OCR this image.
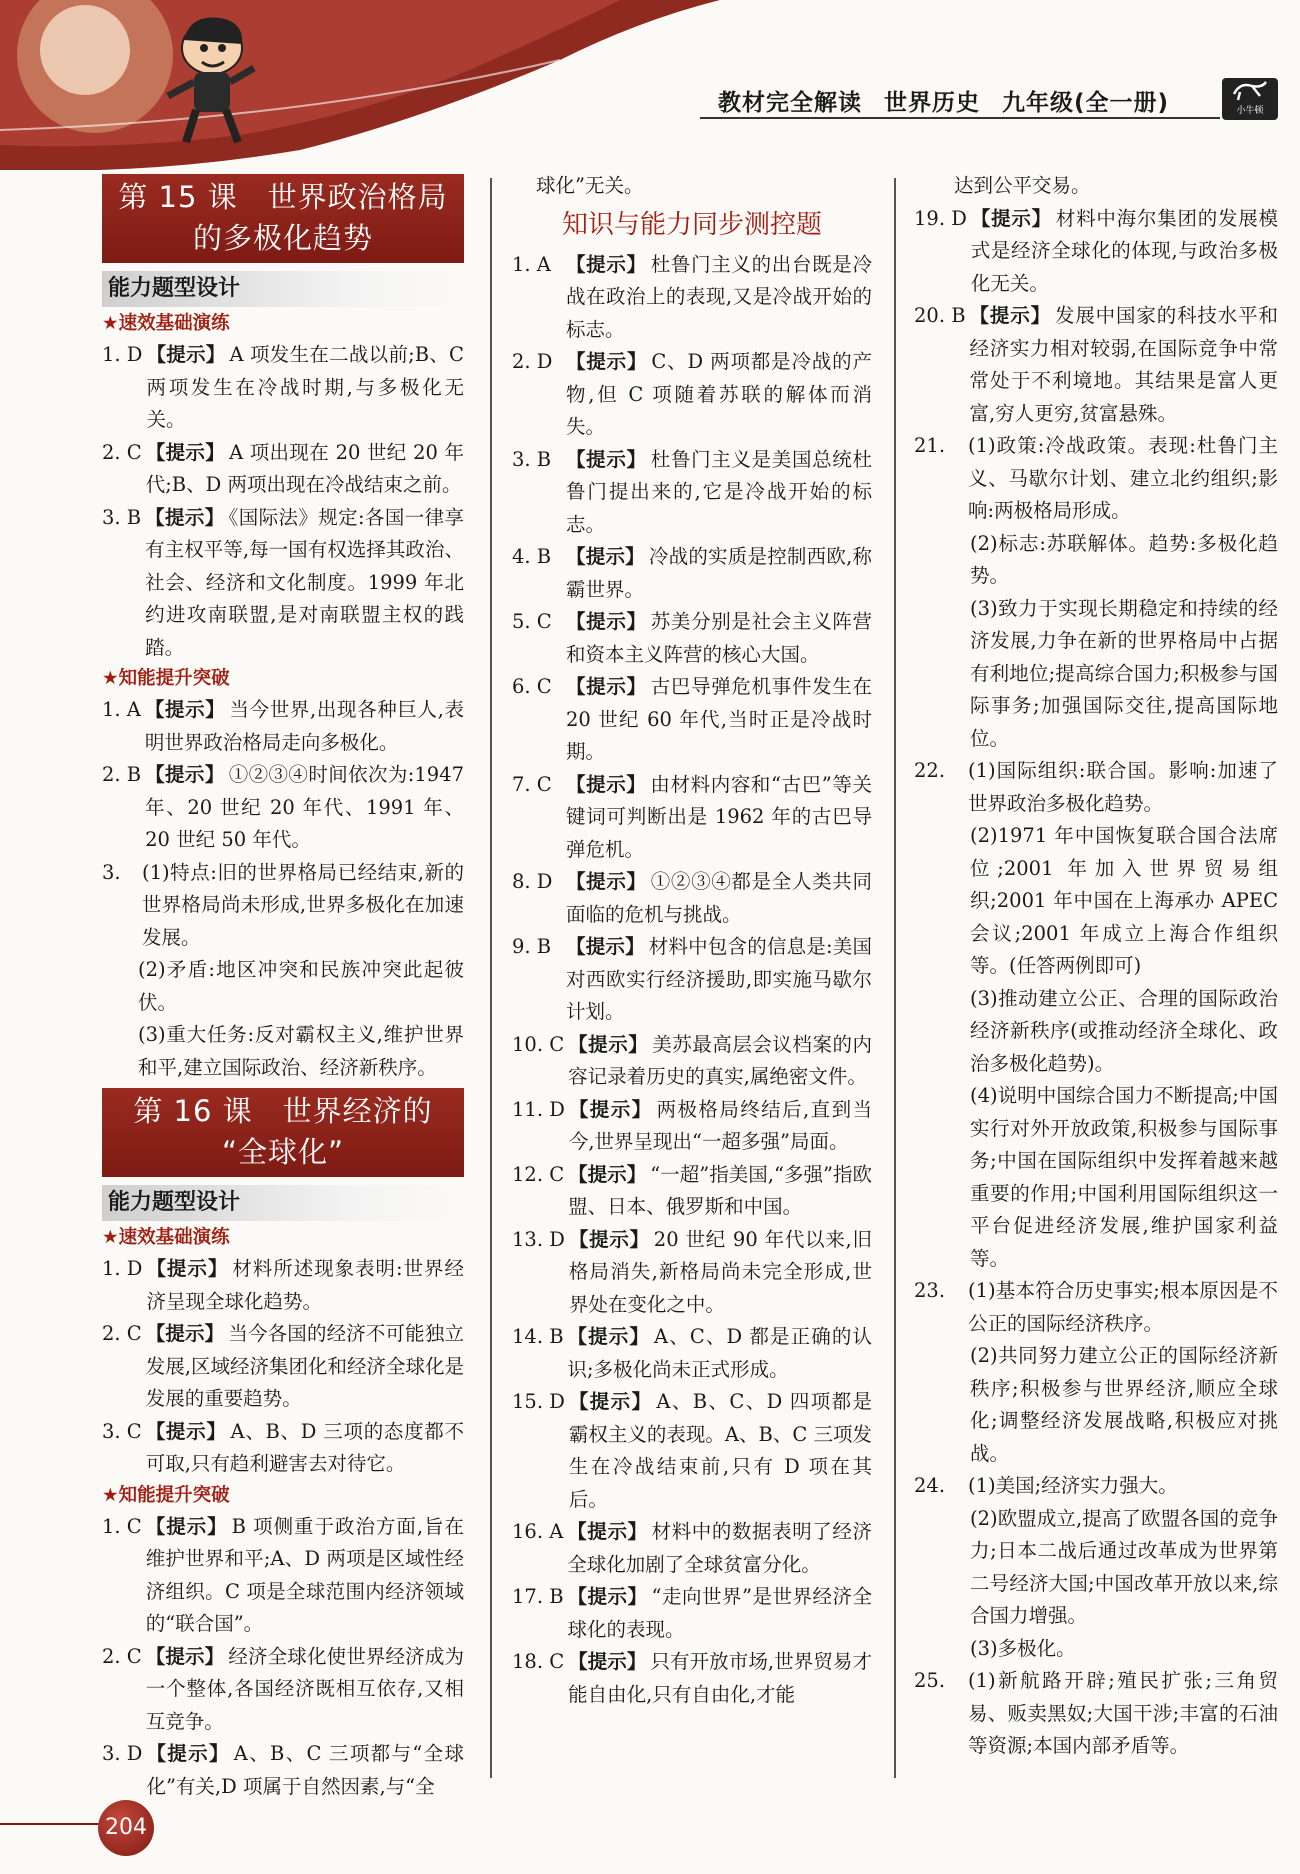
教材完全解读 世界历史 九年级(全一册)	小牛顿
第 15 课　世界政治格局
的多极化趋势
能力题型设计
★速效基础演练
1. D 【提示】 A 项发生在二战以前;B、C 两项发生在冷战时期,与多极化无关。
2. C 【提示】 A 项出现在 20 世纪 20 年代;B、D 两项出现在冷战结束之前。
3. B 【提示】 《国际法》规定:各国一律享有主权平等,每一国有权选择其政治、社会、经济和文化制度。1999 年北约进攻南联盟,是对南联盟主权的践踏。
★知能提升突破
1. A 【提示】 当今世界,出现各种巨人,表明世界政治格局走向多极化。
2. B 【提示】 ①②③④时间依次为:1947 年、20 世纪 20 年代、1991 年、20 世纪 50 年代。
3.	(1)特点:旧的世界格局已经结束,新的世界格局尚未形成,世界多极化在加速发展。
(2)矛盾:地区冲突和民族冲突此起彼伏。
(3)重大任务:反对霸权主义,维护世界和平,建立国际政治、经济新秩序。
第 16 课　世界经济的
“全球化”
能力题型设计
★速效基础演练
1. D 【提示】 材料所述现象表明:世界经济呈现全球化趋势。
2. C 【提示】 当今各国的经济不可能独立发展,区域经济集团化和经济全球化是发展的重要趋势。
3. C 【提示】 A、B、D 三项的态度都不可取,只有趋利避害去对待它。
★知能提升突破
1. C 【提示】 B 项侧重于政治方面,旨在维护世界和平;A、D 两项是区域性经济组织。C 项是全球范围内经济领域的“联合国”。
2. C 【提示】 经济全球化使世界经济成为一个整体,各国经济既相互依存,又相互竞争。
3. D 【提示】 A、B、C 三项都与“全球化”有关,D 项属于自然因素,与“全
球化”无关。
知识与能力同步测控题
1. A 【提示】 杜鲁门主义的出台既是冷战在政治上的表现,又是冷战开始的标志。
2. D 【提示】 C、D 两项都是冷战的产物,但 C 项随着苏联的解体而消失。
3. B 【提示】 杜鲁门主义是美国总统杜鲁门提出来的,它是冷战开始的标志。
4. B 【提示】 冷战的实质是控制西欧,称霸世界。
5. C 【提示】 苏美分别是社会主义阵营和资本主义阵营的核心大国。
6. C 【提示】 古巴导弹危机事件发生在 20 世纪 60 年代,当时正是冷战时期。
7. C 【提示】 由材料内容和“古巴”等关键词可判断出是 1962 年的古巴导弹危机。
8. D 【提示】 ①②③④都是全人类共同面临的危机与挑战。
9. B 【提示】 材料中包含的信息是:美国对西欧实行经济援助,即实施马歇尔计划。
10. C 【提示】 美苏最高层会议档案的内容记录着历史的真实,属绝密文件。
11. D 【提示】 两极格局终结后,直到当今,世界呈现出“一超多强”局面。
12. C 【提示】 “一超”指美国,“多强”指欧盟、日本、俄罗斯和中国。
13. D 【提示】 20 世纪 90 年代以来,旧格局消失,新格局尚未完全形成,世界处在变化之中。
14. B 【提示】 A、C、D 都是正确的认识;多极化尚未正式形成。
15. D 【提示】 A、B、C、D 四项都是霸权主义的表现。A、B、C 三项发生在冷战结束前,只有 D 项在其后。
16. A 【提示】 材料中的数据表明了经济全球化加剧了全球贫富分化。
17. B 【提示】 “走向世界”是世界经济全球化的表现。
18. C 【提示】 只有开放市场,世界贸易才能自由化,只有自由化,才能
达到公平交易。
19. D 【提示】 材料中海尔集团的发展模式是经济全球化的体现,与政治多极化无关。
20. B 【提示】 发展中国家的科技水平和经济实力相对较弱,在国际竞争中常常处于不利境地。其结果是富人更富,穷人更穷,贫富悬殊。
21.	(1)政策:冷战政策。表现:杜鲁门主义、马歇尔计划、建立北约组织;影响:两极格局形成。
(2)标志:苏联解体。趋势:多极化趋势。
(3)致力于实现长期稳定和持续的经济发展,力争在新的世界格局中占据有利地位;提高综合国力;积极参与国际事务;加强国际交往,提高国际地位。
22.	(1)国际组织:联合国。影响:加速了世界政治多极化趋势。
(2)1971 年中国恢复联合国合法席位;2001 年加入世界贸易组织;2001 年中国在上海承办 APEC 会议;2001 年成立上海合作组织等。(任答两例即可)
(3)推动建立公正、合理的国际政治经济新秩序(或推动经济全球化、政治多极化趋势)。
(4)说明中国综合国力不断提高;中国实行对外开放政策,积极参与国际事务;中国在国际组织中发挥着越来越重要的作用;中国利用国际组织这一平台促进经济发展,维护国家利益等。
23.	(1)基本符合历史事实;根本原因是不公正的国际经济秩序。
(2)共同努力建立公正的国际经济新秩序;积极参与世界经济,顺应全球化;调整经济发展战略,积极应对挑战。
24.	(1)美国;经济实力强大。
(2)欧盟成立,提高了欧盟各国的竞争力;日本二战后通过改革成为世界第二号经济大国;中国改革开放以来,综合国力增强。
(3)多极化。
25.	(1)新航路开辟;殖民扩张;三角贸易、贩卖黑奴;大国干涉;丰富的石油等资源;本国内部矛盾等。
204
